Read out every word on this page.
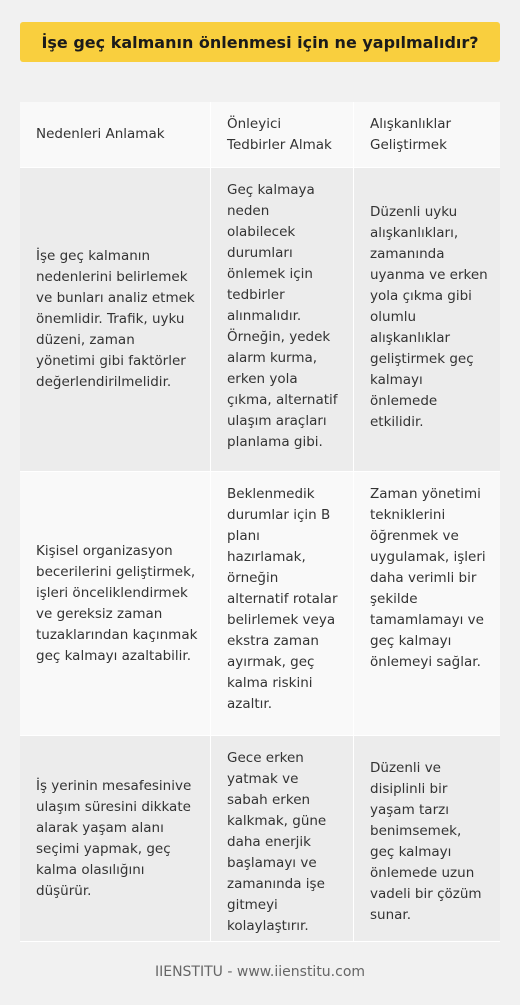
İşe geç kalmanın önlenmesi için ne yapılmalıdır?
Nedenleri Anlamak
Önleyici Tedbirler Almak
Alışkanlıklar Geliştirmek
İşe geç kalmanın nedenlerini belirlemek ve bunları analiz etmek önemlidir. Trafik, uyku düzeni, zaman yönetimi gibi faktörler değerlendirilmelidir.
Geç kalmaya neden olabilecek durumları önlemek için tedbirler alınmalıdır. Örneğin, yedek alarm kurma, erken yola çıkma, alternatif ulaşım araçları planlama gibi.
Düzenli uyku alışkanlıkları, zamanında uyanma ve erken yola çıkma gibi olumlu alışkanlıklar geliştirmek geç kalmayı önlemede etkilidir.
Kişisel organizasyon becerilerini geliştirmek, işleri önceliklendirmek ve gereksiz zaman tuzaklarından kaçınmak geç kalmayı azaltabilir.
Beklenmedik durumlar için B planı hazırlamak, örneğin alternatif rotalar belirlemek veya ekstra zaman ayırmak, geç kalma riskini azaltır.
Zaman yönetimi tekniklerini öğrenmek ve uygulamak, işleri daha verimli bir şekilde tamamlamayı ve geç kalmayı önlemeyi sağlar.
İş yerinin mesafesinive ulaşım süresini dikkate alarak yaşam alanı seçimi yapmak, geç kalma olasılığını düşürür.
Gece erken yatmak ve sabah erken kalkmak, güne daha enerjik başlamayı ve zamanında işe gitmeyi kolaylaştırır.
Düzenli ve disiplinli bir yaşam tarzı benimsemek, geç kalmayı önlemede uzun vadeli bir çözüm sunar.
IIENSTITU - www.iienstitu.com
